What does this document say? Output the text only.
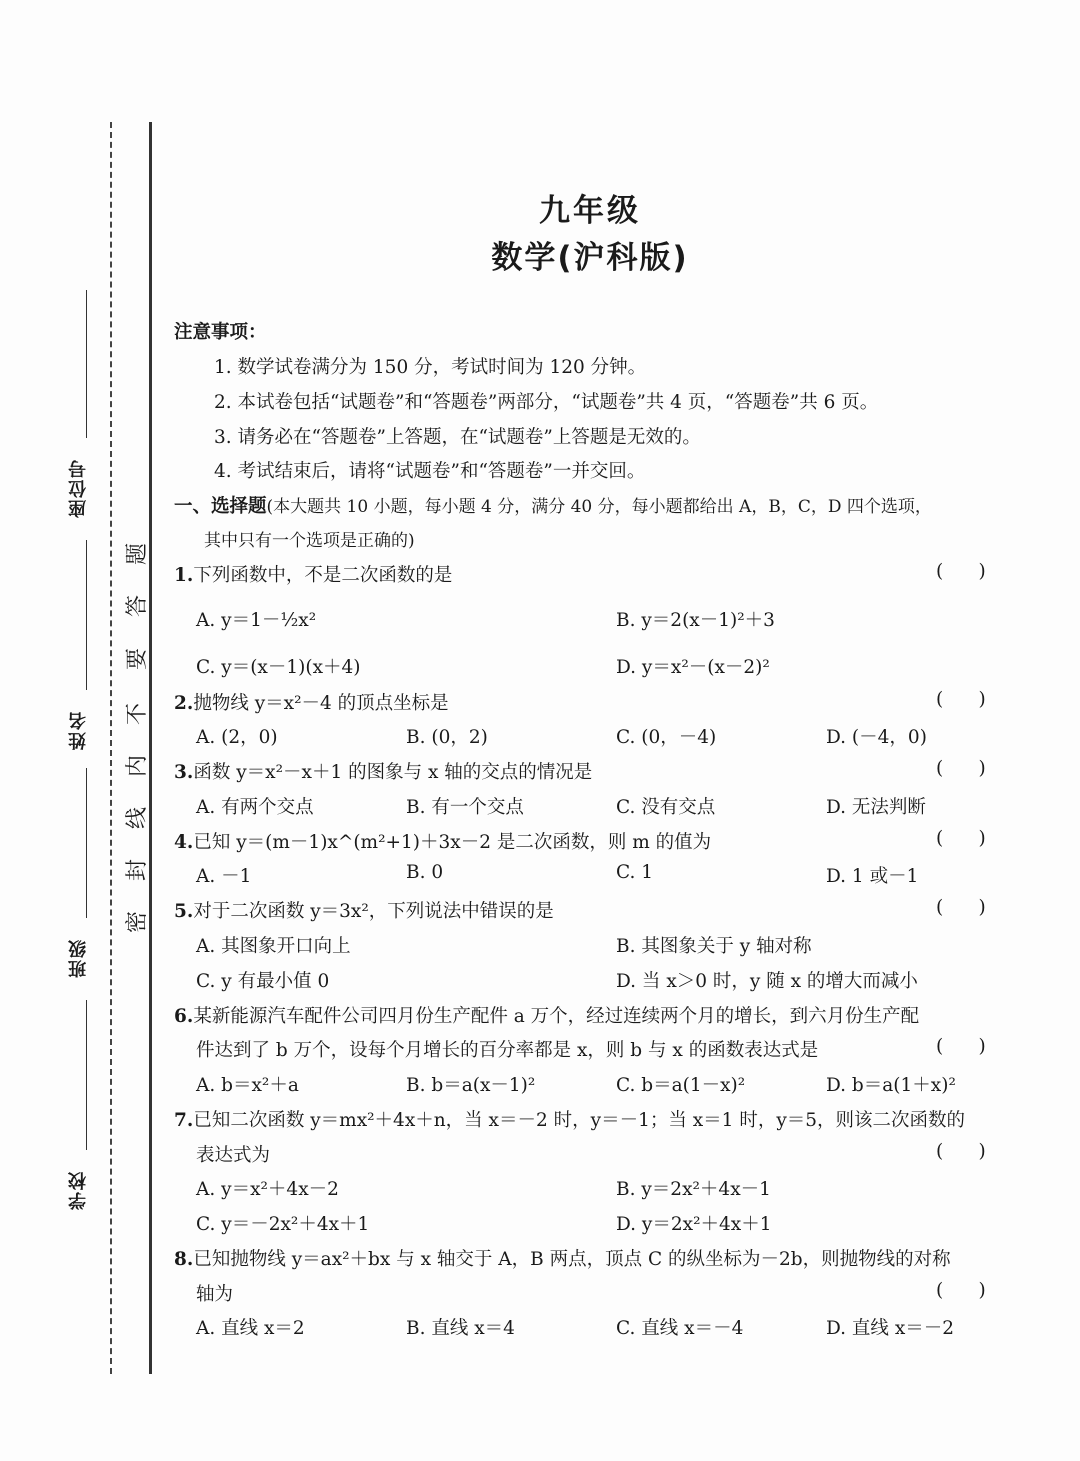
座位号
姓名
班级
学校
密
封
线
内
不
要
答
题
九年级
数学(沪科版)
注意事项：
1. 数学试卷满分为 150 分，考试时间为 120 分钟。
2. 本试卷包括“试题卷”和“答题卷”两部分，“试题卷”共 4 页，“答题卷”共 6 页。
3. 请务必在“答题卷”上答题，在“试题卷”上答题是无效的。
4. 考试结束后，请将“试题卷”和“答题卷”一并交回。
一、选择题(本大题共 10 小题，每小题 4 分，满分 40 分，每小题都给出 A，B，C，D 四个选项，
其中只有一个选项是正确的)
1.下列函数中，不是二次函数的是	(      )
A. y＝1－½x²	B. y＝2(x－1)²＋3
C. y＝(x－1)(x＋4)	D. y＝x²－(x－2)²
2.抛物线 y＝x²－4 的顶点坐标是	(      )
A. (2，0)	B. (0，2)	C. (0，－4)	D. (－4，0)
3.函数 y＝x²－x＋1 的图象与 x 轴的交点的情况是	(      )
A. 有两个交点	B. 有一个交点	C. 没有交点	D. 无法判断
4.已知 y＝(m－1)x^(m²+1)＋3x－2 是二次函数，则 m 的值为	(      )
A. －1	B. 0	C. 1	D. 1 或－1
5.对于二次函数 y＝3x²，下列说法中错误的是	(      )
A. 其图象开口向上	B. 其图象关于 y 轴对称
C. y 有最小值 0	D. 当 x＞0 时，y 随 x 的增大而减小
6.某新能源汽车配件公司四月份生产配件 a 万个，经过连续两个月的增长，到六月份生产配
件达到了 b 万个，设每个月增长的百分率都是 x，则 b 与 x 的函数表达式是	(      )
A. b＝x²＋a	B. b＝a(x－1)²	C. b＝a(1－x)²	D. b＝a(1＋x)²
7.已知二次函数 y＝mx²＋4x＋n，当 x＝－2 时，y＝－1；当 x＝1 时，y＝5，则该二次函数的
表达式为	(      )
A. y＝x²＋4x－2	B. y＝2x²＋4x－1
C. y＝－2x²＋4x＋1	D. y＝2x²＋4x＋1
8.已知抛物线 y＝ax²＋bx 与 x 轴交于 A，B 两点，顶点 C 的纵坐标为－2b，则抛物线的对称
轴为	(      )
A. 直线 x＝2	B. 直线 x＝4	C. 直线 x＝－4	D. 直线 x＝－2
